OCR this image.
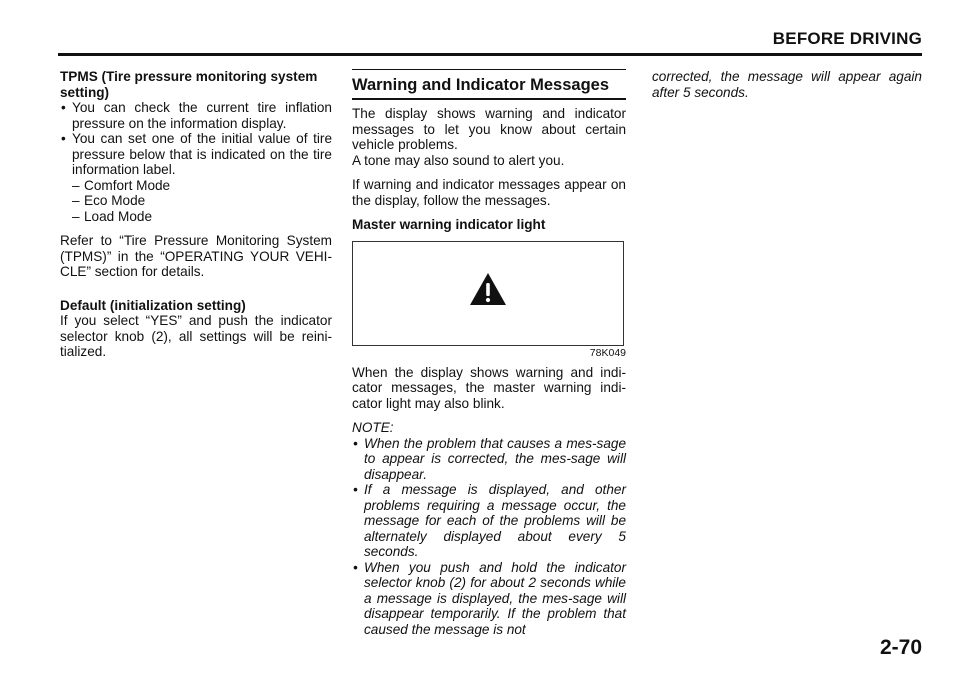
BEFORE DRIVING

TPMS (Tire pressure monitoring system setting)

• You can check the current tire inflation pressure on the information display.
• You can set one of the initial value of tire pressure below that is indicated on the tire information label.
– Comfort Mode
– Eco Mode
– Load Mode

Refer to “Tire Pressure Monitoring System (TPMS)” in the “OPERATING YOUR VEHI-CLE” section for details.

Default (initialization setting)

If you select “YES” and push the indicator selector knob (2), all settings will be reini-tialized.

Warning and Indicator Messages

The display shows warning and indicator messages to let you know about certain vehicle problems.

A tone may also sound to alert you.

If warning and indicator messages appear on the display, follow the messages.

Master warning indicator light

78K049

When the display shows warning and indi-cator messages, the master warning indi-cator light may also blink.

NOTE:

• When the problem that causes a mes-sage to appear is corrected, the mes-sage will disappear.
• If a message is displayed, and other problems requiring a message occur, the message for each of the problems will be alternately displayed about every 5 seconds.
• When you push and hold the indicator selector knob (2) for about 2 seconds while a message is displayed, the mes-sage will disappear temporarily. If the problem that caused the message is not

corrected, the message will appear again after 5 seconds.

2-70
